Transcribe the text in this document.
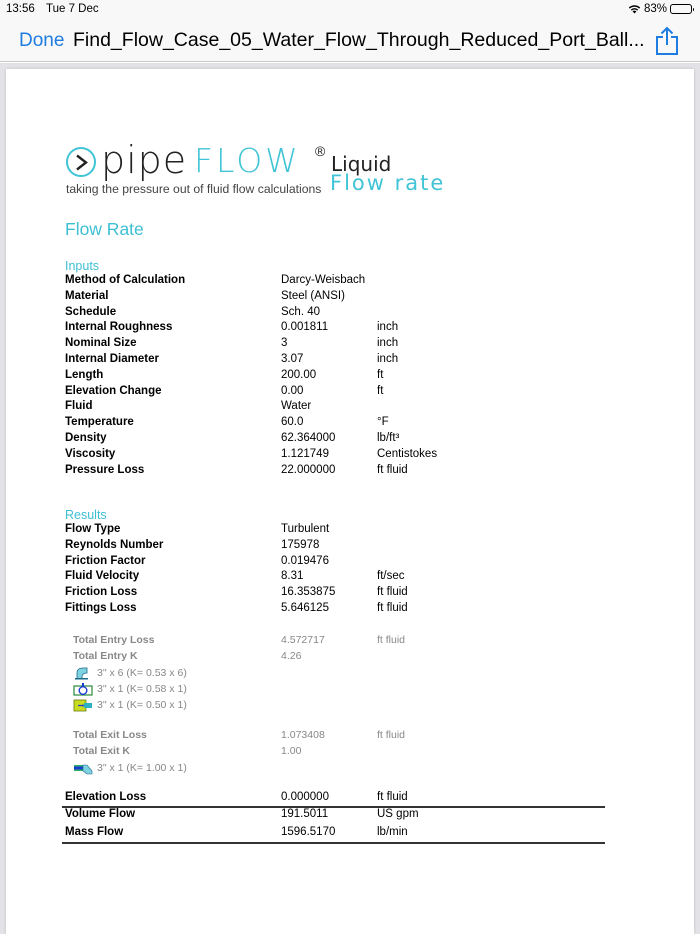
13:56 Tue 7 Dec	83%
Done Find_Flow_Case_05_Water_Flow_Through_Reduced_Port_Ball...
pipe FLOW ®
Liquid
taking the pressure out of fluid flow calculations Flow rate
Flow Rate
Inputs
Method of Calculation	Darcy-Weisbach
Material	Steel (ANSI)
Schedule	Sch. 40
Internal Roughness	0.001811	inch
Nominal Size	3	inch
Internal Diameter	3.07	inch
Length	200.00	ft
Elevation Change	0.00	ft
Fluid	Water
Temperature	60.0	°F
Density	62.364000	lb/ft³
Viscosity	1.121749	Centistokes
Pressure Loss	22.000000	ft fluid
Results
Flow Type	Turbulent
Reynolds Number	175978
Friction Factor	0.019476
Fluid Velocity	8.31	ft/sec
Friction Loss	16.353875	ft fluid
Fittings Loss	5.646125	ft fluid
Total Entry Loss	4.572717	ft fluid
Total Entry K	4.26
3" x 6 (K= 0.53 x 6)
3" x 1 (K= 0.58 x 1)
3" x 1 (K= 0.50 x 1)
Total Exit Loss	1.073408	ft fluid
Total Exit K	1.00
3" x 1 (K= 1.00 x 1)
Elevation Loss	0.000000	ft fluid
Volume Flow	191.5011	US gpm
Mass Flow	1596.5170	lb/min
